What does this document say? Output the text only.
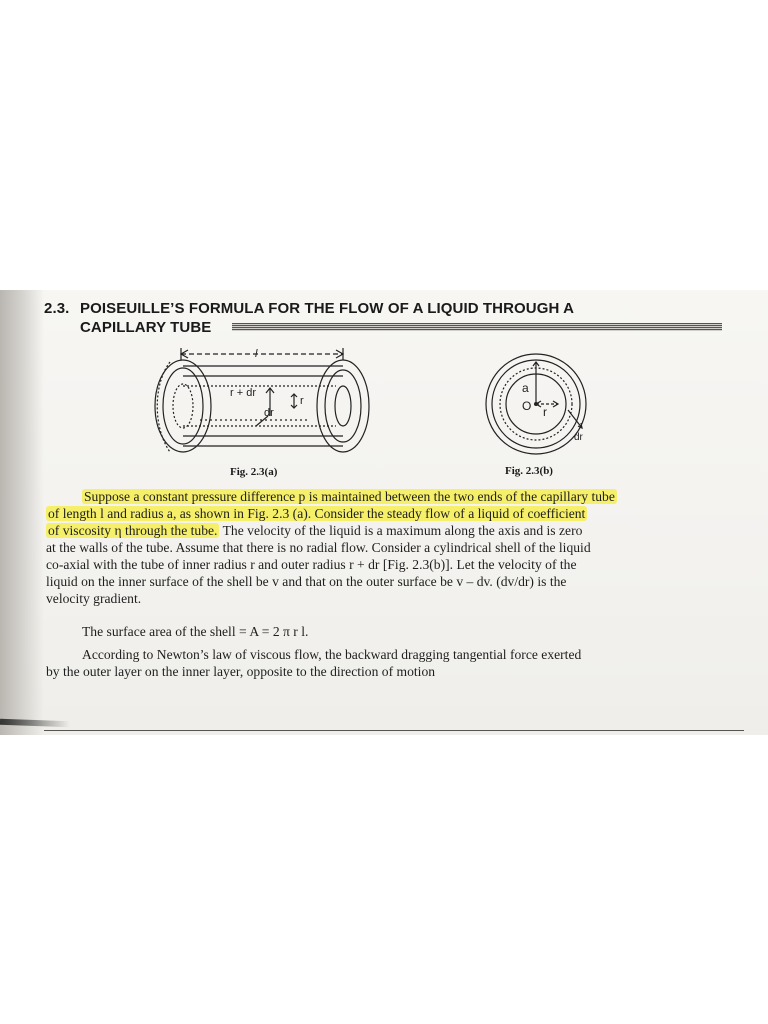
2.3. POISEUILLE’S FORMULA FOR THE FLOW OF A LIQUID THROUGH A
CAPILLARY TUBE
r + dr
r
dr
l
Fig. 2.3(a)
a
O r
dr
Fig. 2.3(b)
Suppose a constant pressure difference p is maintained between the two ends of the capillary tube
of length l and radius a, as shown in Fig. 2.3 (a). Consider the steady flow of a liquid of coefficient
of viscosity η through the tube. The velocity of the liquid is a maximum along the axis and is zero
at the walls of the tube. Assume that there is no radial flow. Consider a cylindrical shell of the liquid
co-axial with the tube of inner radius r and outer radius r + dr [Fig. 2.3(b)]. Let the velocity of the
liquid on the inner surface of the shell be v and that on the outer surface be v – dv. (dv/dr) is the
velocity gradient.
The surface area of the shell = A = 2 π r l.
According to Newton’s law of viscous flow, the backward dragging tangential force exerted
by the outer layer on the inner layer, opposite to the direction of motion
